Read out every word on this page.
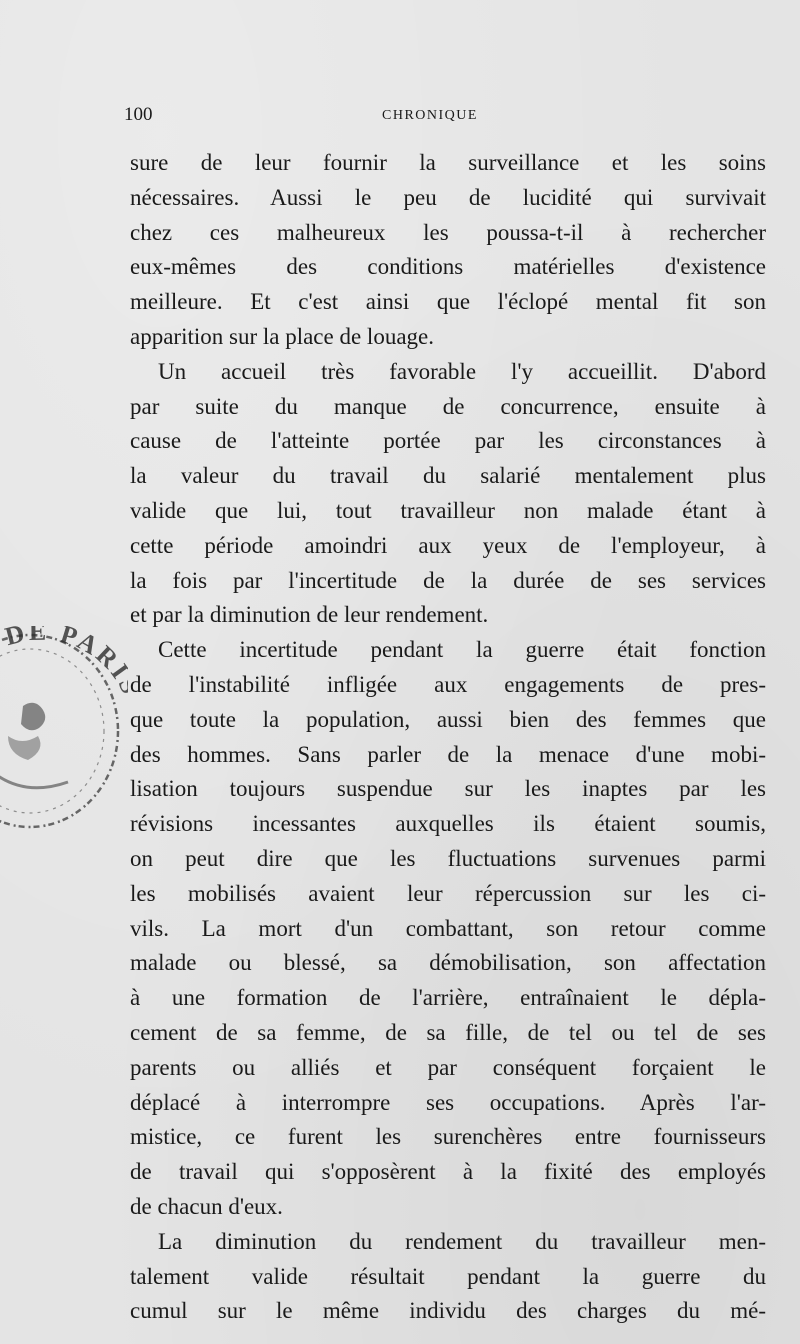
100	CHRONIQUE
DE PAR
sure de leur fournir la surveillance et les soins
nécessaires. Aussi le peu de lucidité qui survivait
chez ces malheureux les poussa-t-il à rechercher
eux-mêmes des conditions matérielles d'existence
meilleure. Et c'est ainsi que l'éclopé mental fit son
apparition sur la place de louage.
Un accueil très favorable l'y accueillit. D'abord
par suite du manque de concurrence, ensuite à
cause de l'atteinte portée par les circonstances à
la valeur du travail du salarié mentalement plus
valide que lui, tout travailleur non malade étant à
cette période amoindri aux yeux de l'employeur, à
la fois par l'incertitude de la durée de ses services
et par la diminution de leur rendement.
Cette incertitude pendant la guerre était fonction
de l'instabilité infligée aux engagements de pres-
que toute la population, aussi bien des femmes que
des hommes. Sans parler de la menace d'une mobi-
lisation toujours suspendue sur les inaptes par les
révisions incessantes auxquelles ils étaient soumis,
on peut dire que les fluctuations survenues parmi
les mobilisés avaient leur répercussion sur les ci-
vils. La mort d'un combattant, son retour comme
malade ou blessé, sa démobilisation, son affectation
à une formation de l'arrière, entraînaient le dépla-
cement de sa femme, de sa fille, de tel ou tel de ses
parents ou alliés et par conséquent forçaient le
déplacé à interrompre ses occupations. Après l'ar-
mistice, ce furent les surenchères entre fournisseurs
de travail qui s'opposèrent à la fixité des employés
de chacun d'eux.
La diminution du rendement du travailleur men-
talement valide résultait pendant la guerre du
cumul sur le même individu des charges du mé-
